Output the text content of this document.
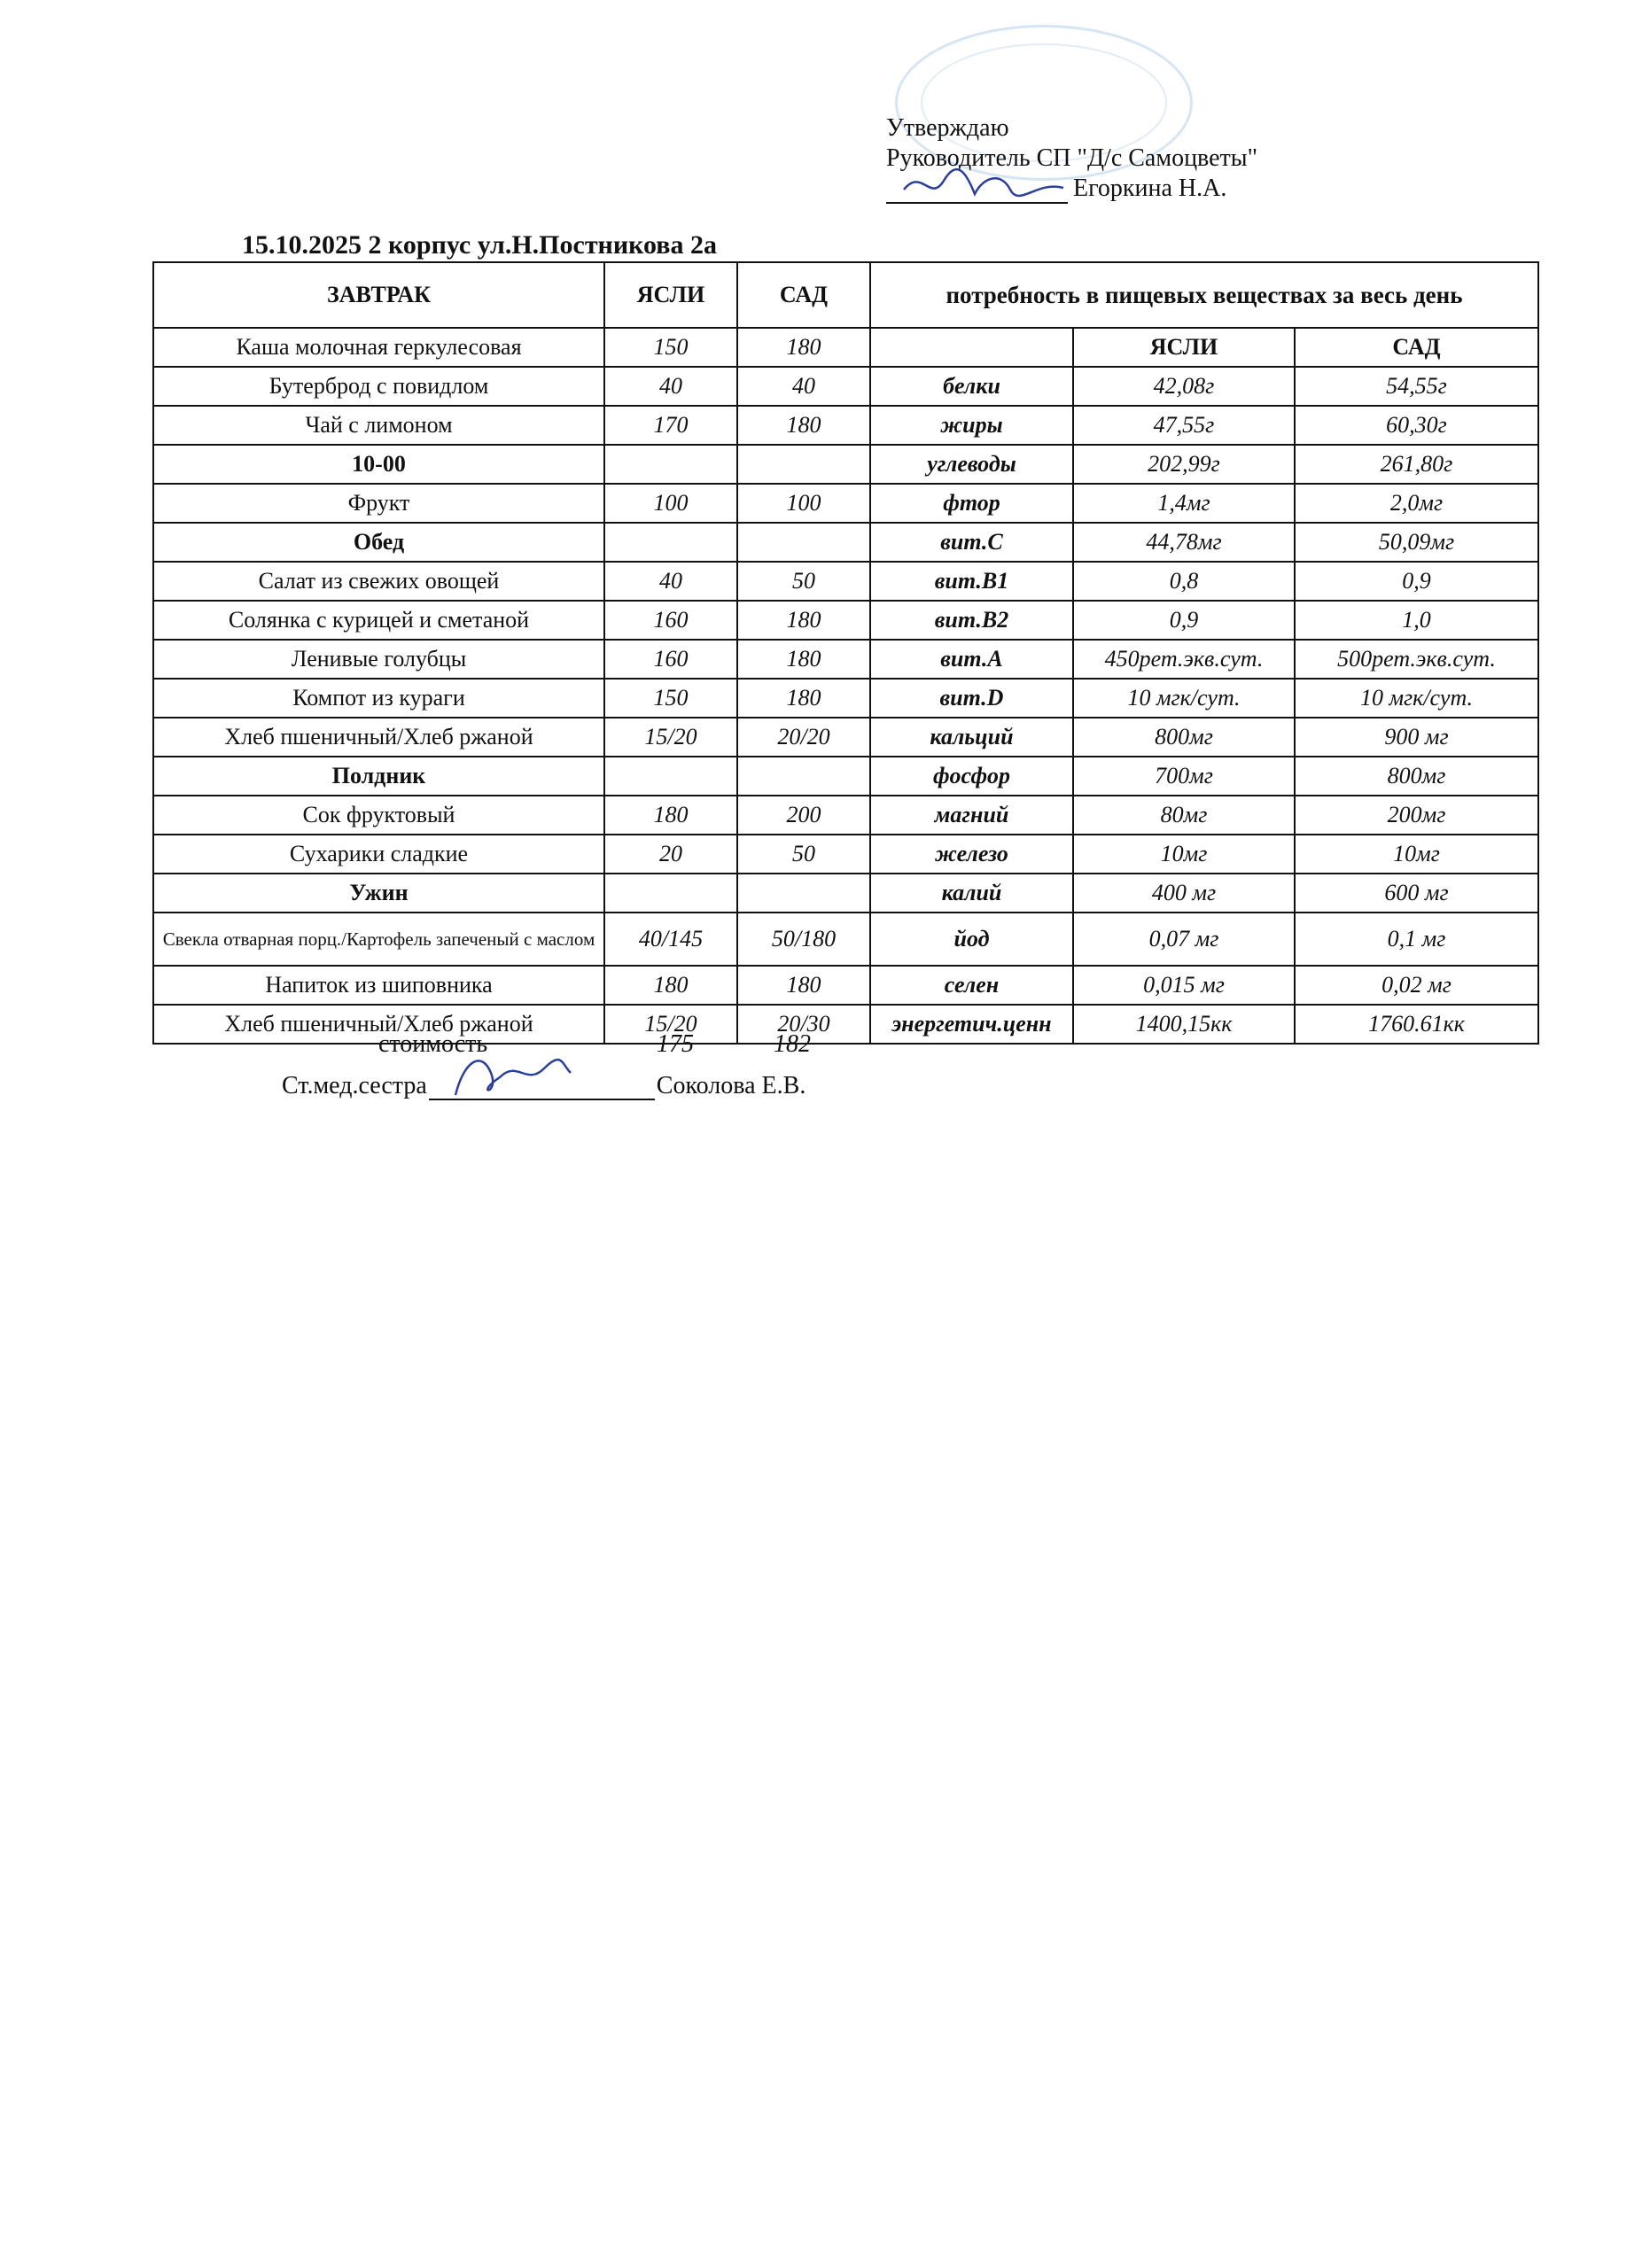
Утверждаю
Руководитель СП "Д/с Самоцветы"
Егоркина Н.А.
15.10.2025 2 корпус ул.Н.Постникова 2а
ЗАВТРАК	ЯСЛИ	САД	потребность в пищевых веществах за весь день		
Каша молочная геркулесовая	150	180		ЯСЛИ	САД
Бутерброд с повидлом	40	40	белки	42,08г	54,55г
Чай с лимоном	170	180	жиры	47,55г	60,30г
10-00			углеводы	202,99г	261,80г
Фрукт	100	100	фтор	1,4мг	2,0мг
Обед			вит.С	44,78мг	50,09мг
Салат из свежих овощей	40	50	вит.В1	0,8	0,9
Солянка с курицей и сметаной	160	180	вит.В2	0,9	1,0
Ленивые голубцы	160	180	вит.А	450рет.экв.сут.	500рет.экв.сут.
Компот из кураги	150	180	вит.D	10 мгк/сут.	10 мгк/сут.
Хлеб пшеничный/Хлеб ржаной	15/20	20/20	кальций	800мг	900 мг
Полдник			фосфор	700мг	800мг
Сок фруктовый	180	200	магний	80мг	200мг
Сухарики сладкие	20	50	железо	10мг	10мг
Ужин			калий	400 мг	600 мг
Свекла отварная порц./Картофель запеченый с маслом	40/145	50/180	йод	0,07 мг	0,1 мг
Напиток из шиповника	180	180	селен	0,015 мг	0,02 мг
Хлеб пшеничный/Хлеб ржаной	15/20	20/30	энергетич.ценн	1400,15кк	1760.61кк
стоимость	175	182
Ст.мед.сестра	Соколова Е.В.
